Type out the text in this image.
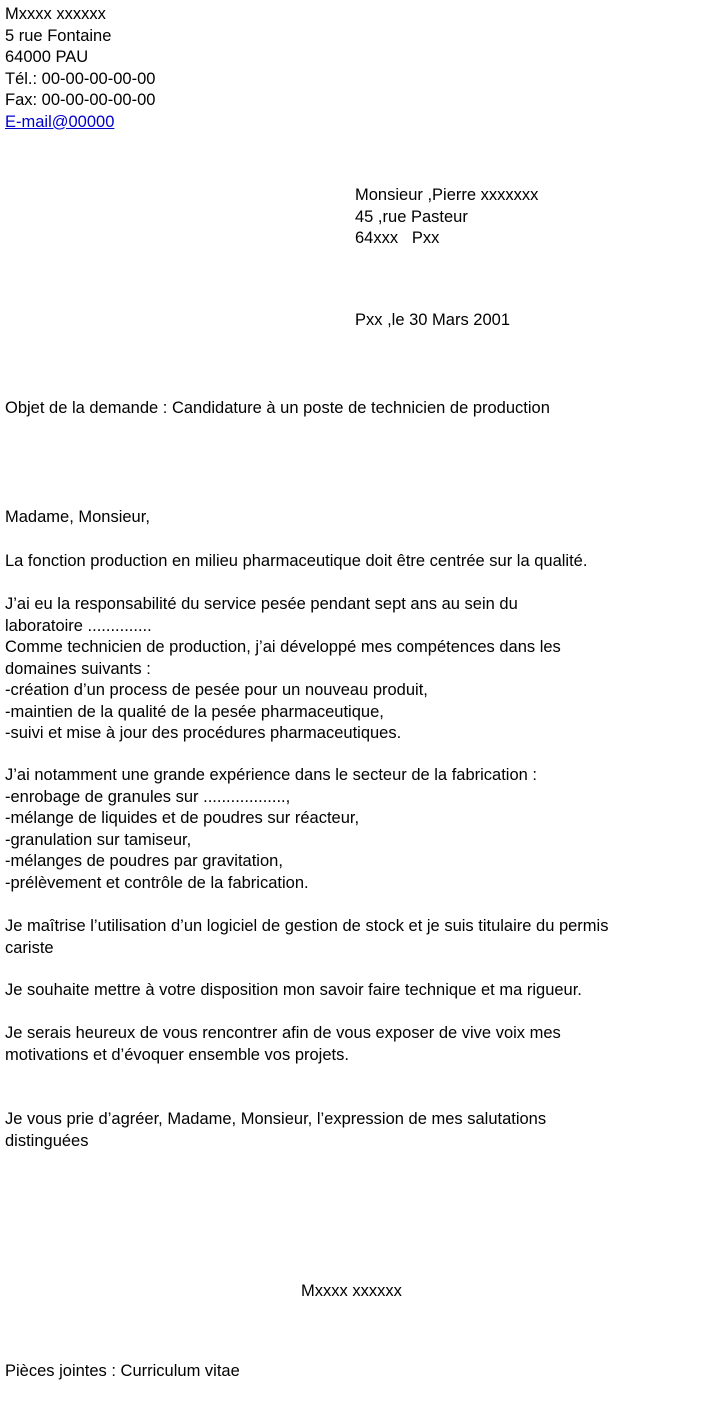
Mxxxx xxxxxx
5 rue Fontaine
64000 PAU
Tél.: 00-00-00-00-00
Fax: 00-00-00-00-00
E-mail@00000
Monsieur ,Pierre xxxxxxx
45 ,rue Pasteur
64xxx   Pxx
Pxx ,le 30 Mars 2001
Objet de la demande : Candidature à un poste de technicien de production
Madame, Monsieur,
La fonction production en milieu pharmaceutique doit être centrée sur la qualité.
J’ai eu la responsabilité du service pesée pendant sept ans au sein du
laboratoire ..............
Comme technicien de production, j’ai développé mes compétences dans les
domaines suivants :
-création d’un process de pesée pour un nouveau produit,
-maintien de la qualité de la pesée pharmaceutique,
-suivi et mise à jour des procédures pharmaceutiques.
J’ai notamment une grande expérience dans le secteur de la fabrication :
-enrobage de granules sur ..................,
-mélange de liquides et de poudres sur réacteur,
-granulation sur tamiseur,
-mélanges de poudres par gravitation,
-prélèvement et contrôle de la fabrication.
Je maîtrise l’utilisation d’un logiciel de gestion de stock et je suis titulaire du permis
cariste
Je souhaite mettre à votre disposition mon savoir faire technique et ma rigueur.
Je serais heureux de vous rencontrer afin de vous exposer de vive voix mes
motivations et d’évoquer ensemble vos projets.
Je vous prie d’agréer, Madame, Monsieur, l’expression de mes salutations
distinguées
Mxxxx xxxxxx
Pièces jointes : Curriculum vitae
